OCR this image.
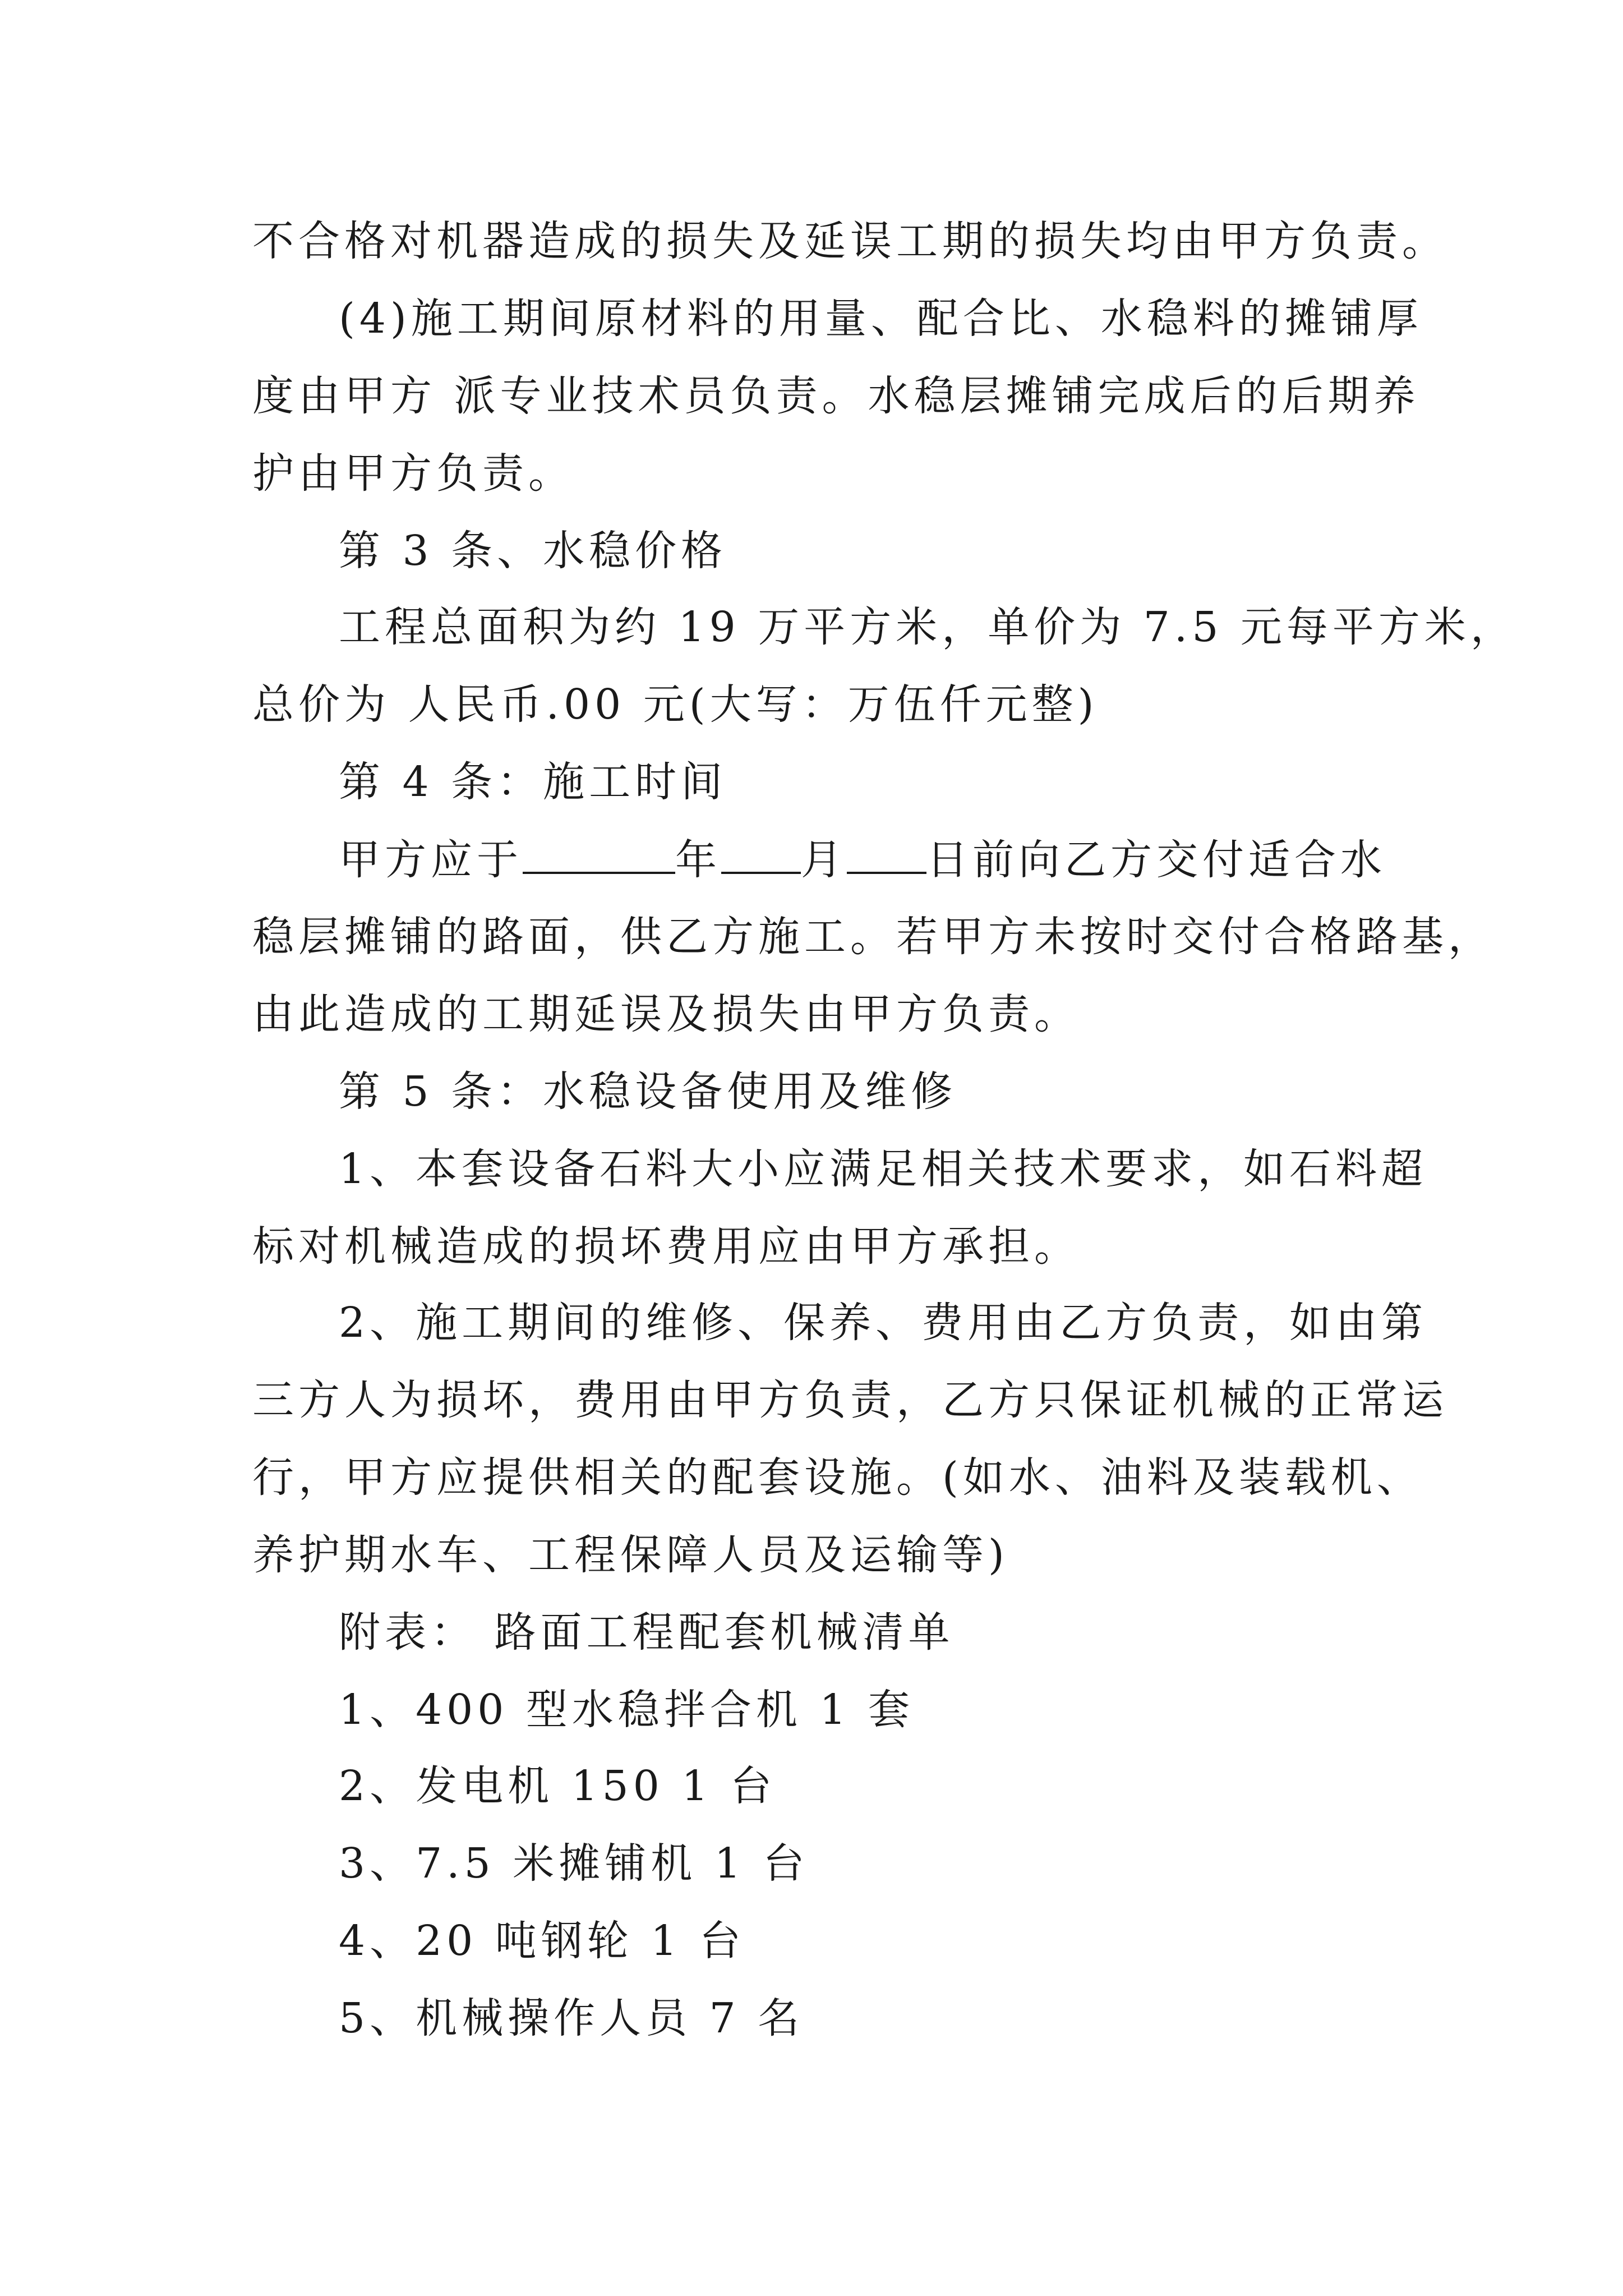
不合格对机器造成的损失及延误工期的损失均由甲方负责。
(4)施工期间原材料的用量、配合比、水稳料的摊铺厚
度由甲方 派专业技术员负责。水稳层摊铺完成后的后期养
护由甲方负责。
第 3 条、水稳价格
工程总面积为约 19 万平方米，单价为 7.5 元每平方米，
总价为 人民币.00 元(大写：万伍仟元整)
第 4 条：施工时间
甲方应于	年 月 日前向乙方交付适合水
稳层摊铺的路面，供乙方施工。若甲方未按时交付合格路基，
由此造成的工期延误及损失由甲方负责。
第 5 条：水稳设备使用及维修
1、本套设备石料大小应满足相关技术要求，如石料超
标对机械造成的损坏费用应由甲方承担。
2、施工期间的维修、保养、费用由乙方负责，如由第
三方人为损坏，费用由甲方负责，乙方只保证机械的正常运
行，甲方应提供相关的配套设施。(如水、油料及装载机、
养护期水车、工程保障人员及运输等)
附表： 路面工程配套机械清单
1、400 型水稳拌合机 1 套
2、发电机 150 1 台
3、7.5 米摊铺机 1 台
4、20 吨钢轮 1 台
5、机械操作人员 7 名
